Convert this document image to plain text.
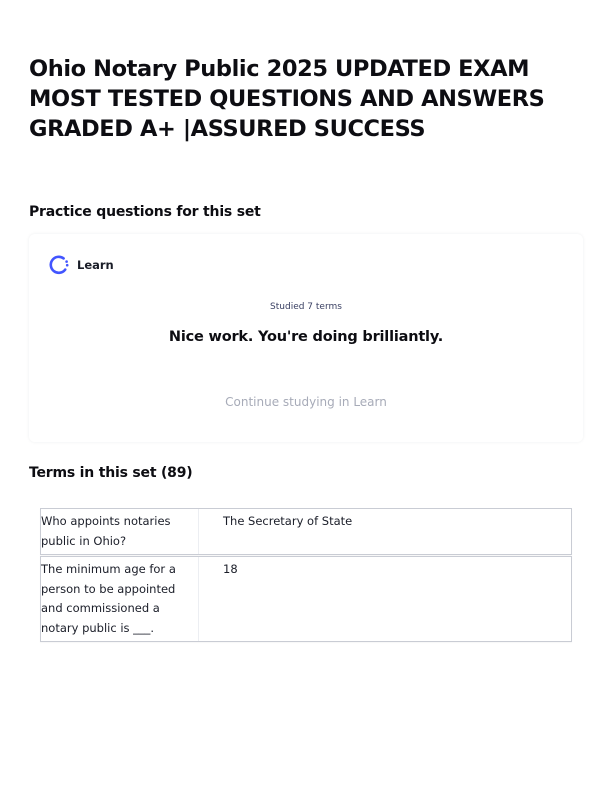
Ohio Notary Public 2025 UPDATED EXAM MOST TESTED QUESTIONS AND ANSWERS GRADED A+ |ASSURED SUCCESS
Practice questions for this set
Learn
Studied 7 terms
Nice work. You're doing brilliantly.
Continue studying in Learn
Terms in this set (89)
Who appoints notaries public in Ohio?
The Secretary of State
The minimum age for a person to be appointed and commissioned a notary public is ___.
18
